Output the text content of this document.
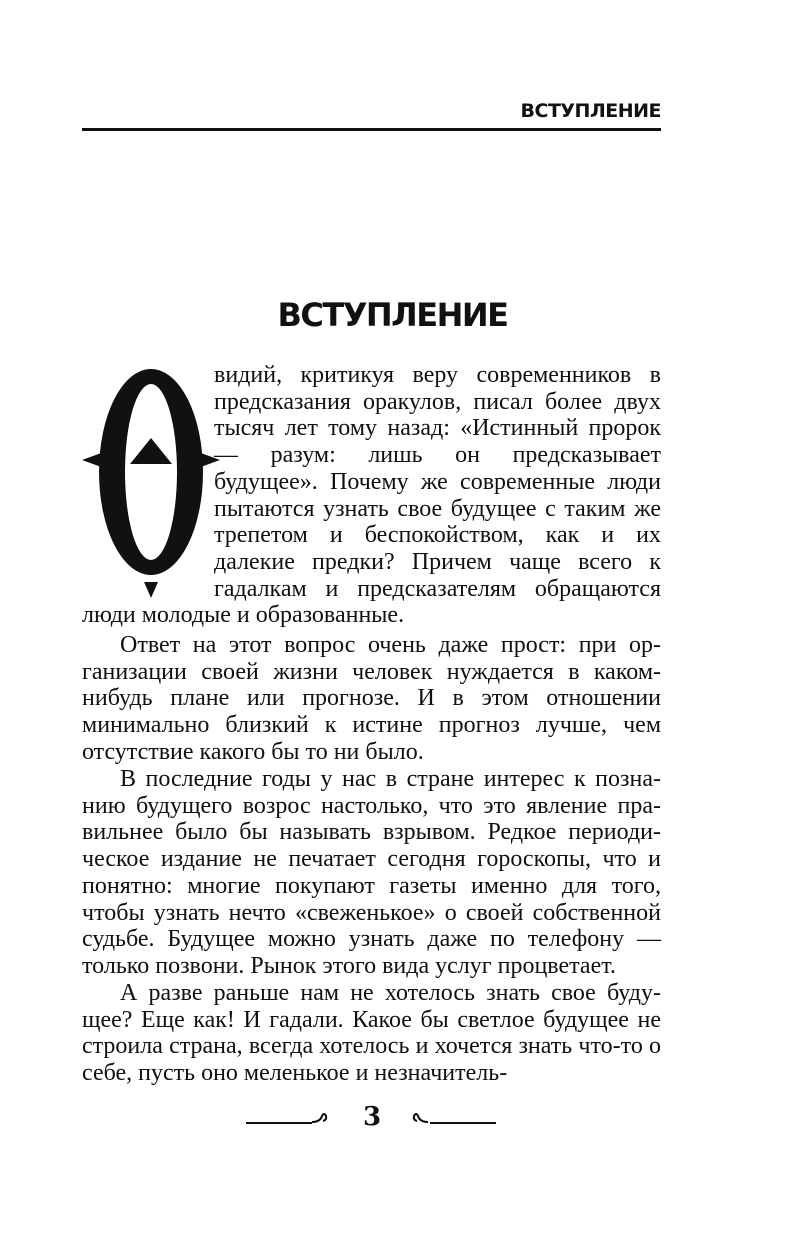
ВСТУПЛЕНИЕ
ВСТУПЛЕНИЕ

видий, критикуя веру современников в предсказания оракулов, писал более двух тысяч лет тому назад: «Истинный пророк — разум: лишь он предсказывает будущее». Почему же современные люди пытаются узнать свое будущее с таким же трепетом и беспокойством, как и их далекие предки? Причем чаще всего к гадалкам и предсказателям обращаются люди молодые и образованные.

Ответ на этот вопрос очень даже прост: при организации своей жизни человек нуждается в каком-нибудь плане или прогнозе. И в этом отношении минимально близкий к истине прогноз лучше, чем отсутствие какого бы то ни было.

В последние годы у нас в стране интерес к познанию будущего возрос настолько, что это явление правильнее было бы называть взрывом. Редкое периодическое издание не печатает сегодня гороскопы, что и понятно: многие покупают газеты именно для того, чтобы узнать нечто «свеженькое» о своей собственной судьбе. Будущее можно узнать даже по телефону — только позвони. Рынок этого вида услуг процветает.

А разве раньше нам не хотелось знать свое будущее? Еще как! И гадали. Какое бы светлое будущее не строила страна, всегда хотелось и хочется знать что-то о себе, пусть оно меленькое и незначитель-

3
